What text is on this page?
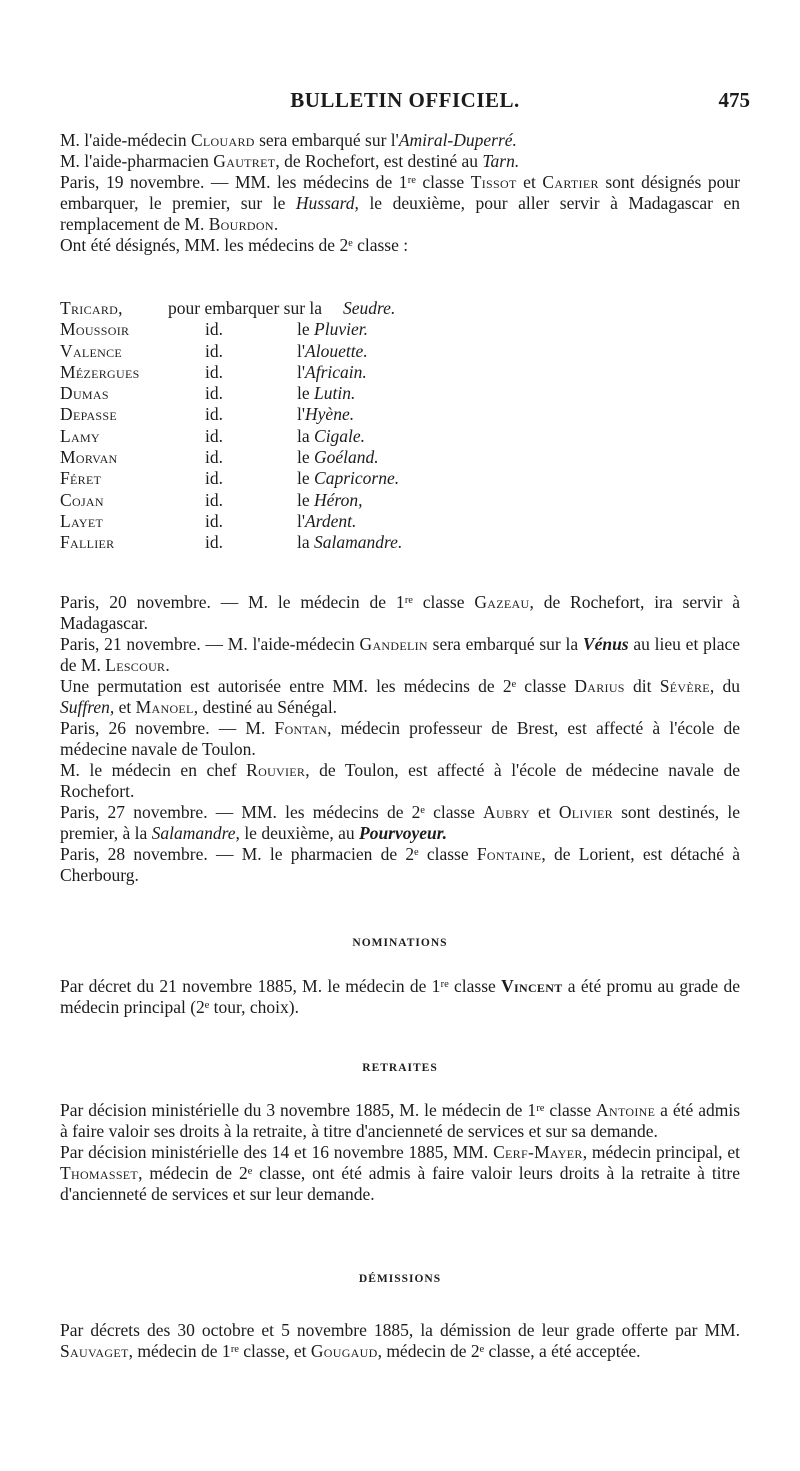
BULLETIN OFFICIEL.	475

M. l'aide-médecin Clouard sera embarqué sur l'Amiral-Duperré.

M. l'aide-pharmacien Gautret, de Rochefort, est destiné au Tarn.

Paris, 19 novembre. — MM. les médecins de 1ʳᵉ classe Tissot et Cartier sont désignés pour embarquer, le premier, sur le Hussard, le deuxième, pour aller servir à Madagascar en remplacement de M. Bourdon.

Ont été désignés, MM. les médecins de 2ᵉ classe :

Tricard,	pour embarquer sur la Seudre.
Moussoir	id.	le Pluvier.
Valence	id.	l'Alouette.
Mézergues	id.	l'Africain.
Dumas	id.	le Lutin.
Depasse	id.	l'Hyène.
Lamy	id.	la Cigale.
Morvan	id.	le Goéland.
Féret	id.	le Capricorne.
Cojan	id.	le Héron,
Layet	id.	l'Ardent.
Fallier	id.	la Salamandre.

Paris, 20 novembre. — M. le médecin de 1ʳᵉ classe Gazeau, de Rochefort, ira servir à Madagascar.

Paris, 21 novembre. — M. l'aide-médecin Gandelin sera embarqué sur la Vénus au lieu et place de M. Lescour.

Une permutation est autorisée entre MM. les médecins de 2ᵉ classe Darius dit Sévère, du Suffren, et Manoel, destiné au Sénégal.

Paris, 26 novembre. — M. Fontan, médecin professeur de Brest, est affecté à l'école de médecine navale de Toulon.

M. le médecin en chef Rouvier, de Toulon, est affecté à l'école de médecine navale de Rochefort.

Paris, 27 novembre. — MM. les médecins de 2ᵉ classe Aubry et Olivier sont destinés, le premier, à la Salamandre, le deuxième, au Pourvoyeur.

Paris, 28 novembre. — M. le pharmacien de 2ᵉ classe Fontaine, de Lorient, est détaché à Cherbourg.

NOMINATIONS

Par décret du 21 novembre 1885, M. le médecin de 1ʳᵉ classe Vincent a été promu au grade de médecin principal (2ᵉ tour, choix).

RETRAITES

Par décision ministérielle du 3 novembre 1885, M. le médecin de 1ʳᵉ classe Antoine a été admis à faire valoir ses droits à la retraite, à titre d'ancienneté de services et sur sa demande.

Par décision ministérielle des 14 et 16 novembre 1885, MM. Cerf-Mayer, médecin principal, et Thomasset, médecin de 2ᵉ classe, ont été admis à faire valoir leurs droits à la retraite à titre d'ancienneté de services et sur leur demande.

DÉMISSIONS

Par décrets des 30 octobre et 5 novembre 1885, la démission de leur grade offerte par MM. Sauvaget, médecin de 1ʳᵉ classe, et Gougaud, médecin de 2ᵉ classe, a été acceptée.
